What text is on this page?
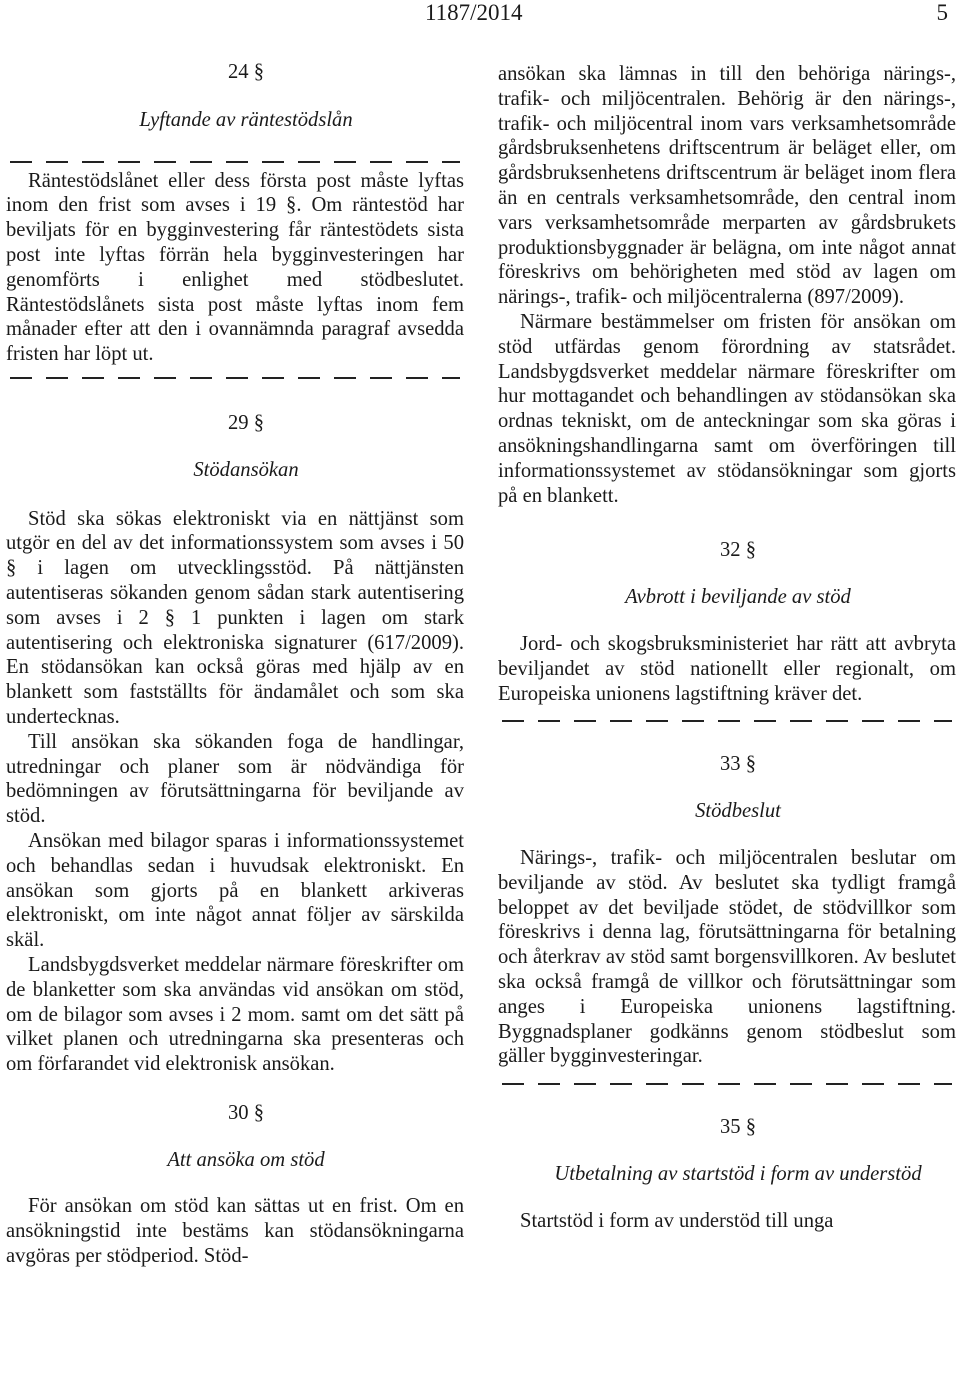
1187/2014	5

24 §

Lyftande av räntestödslån

Räntestödslånet eller dess första post måste lyftas inom den frist som avses i 19 §. Om räntestöd har beviljats för en bygginvestering får räntestödets sista post inte lyftas förrän hela bygginvesteringen har genomförts i enlighet med stödbeslutet. Räntestödslånets sista post måste lyftas inom fem månader efter att den i ovannämnda paragraf avsedda fristen har löpt ut.

29 §

Stödansökan

Stöd ska sökas elektroniskt via en nättjänst som utgör en del av det informationssystem som avses i 50 § i lagen om utvecklingsstöd. På nättjänsten autentiseras sökanden genom sådan stark autentisering som avses i 2 § 1 punkten i lagen om stark autentisering och elektroniska signaturer (617/2009). En stödansökan kan också göras med hjälp av en blankett som fastställts för ändamålet och som ska undertecknas.

Till ansökan ska sökanden foga de handlingar, utredningar och planer som är nödvändiga för bedömningen av förutsättningarna för beviljande av stöd.

Ansökan med bilagor sparas i informationssystemet och behandlas sedan i huvudsak elektroniskt. En ansökan som gjorts på en blankett arkiveras elektroniskt, om inte något annat följer av särskilda skäl.

Landsbygdsverket meddelar närmare föreskrifter om de blanketter som ska användas vid ansökan om stöd, om de bilagor som avses i 2 mom. samt om det sätt på vilket planen och utredningarna ska presenteras och om förfarandet vid elektronisk ansökan.

30 §

Att ansöka om stöd

För ansökan om stöd kan sättas ut en frist. Om en ansökningstid inte bestäms kan stödansökningarna avgöras per stödperiod. Stöd-

ansökan ska lämnas in till den behöriga närings-, trafik- och miljöcentralen. Behörig är den närings-, trafik- och miljöcentral inom vars verksamhetsområde gårdsbruksenhetens driftscentrum är beläget eller, om gårdsbruksenhetens driftscentrum är beläget inom flera än en centrals verksamhetsområde, den central inom vars verksamhetsområde merparten av gårdsbrukets produktionsbyggnader är belägna, om inte något annat föreskrivs om behörigheten med stöd av lagen om närings-, trafik- och miljöcentralerna (897/2009).

Närmare bestämmelser om fristen för ansökan om stöd utfärdas genom förordning av statsrådet. Landsbygdsverket meddelar närmare föreskrifter om hur mottagandet och behandlingen av stödansökan ska ordnas tekniskt, om de anteckningar som ska göras i ansökningshandlingarna samt om överföringen till informationssystemet av stödansökningar som gjorts på en blankett.

32 §

Avbrott i beviljande av stöd

Jord- och skogsbruksministeriet har rätt att avbryta beviljandet av stöd nationellt eller regionalt, om Europeiska unionens lagstiftning kräver det.

33 §

Stödbeslut

Närings-, trafik- och miljöcentralen beslutar om beviljande av stöd. Av beslutet ska tydligt framgå beloppet av det beviljade stödet, de stödvillkor som föreskrivs i denna lag, förutsättningarna för betalning och återkrav av stöd samt borgensvillkoren. Av beslutet ska också framgå de villkor och förutsättningar som anges i Europeiska unionens lagstiftning. Byggnadsplaner godkänns genom stödbeslut som gäller bygginvesteringar.

35 §

Utbetalning av startstöd i form av understöd

Startstöd i form av understöd till unga
